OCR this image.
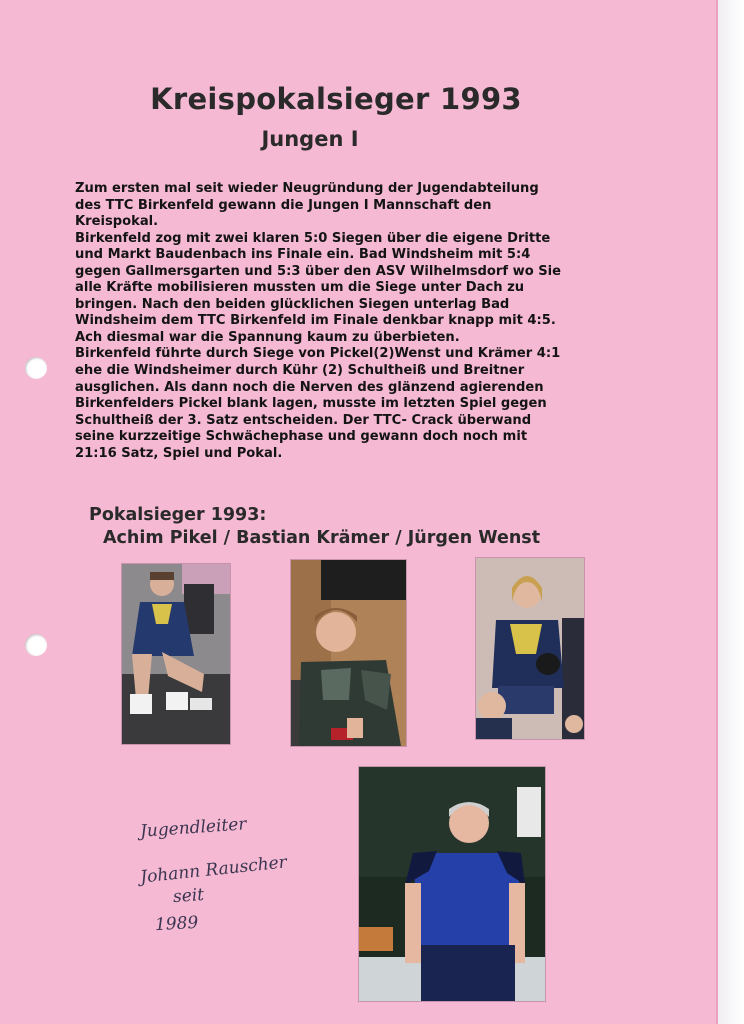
Kreispokalsieger 1993
Jungen I

Zum ersten mal seit wieder Neugründung der Jugendabteilung

des TTC Birkenfeld gewann die Jungen I Mannschaft den

Kreispokal.

Birkenfeld zog mit zwei klaren 5:0 Siegen über die eigene Dritte

und Markt Baudenbach ins Finale ein. Bad Windsheim mit 5:4

gegen Gallmersgarten und 5:3 über den ASV Wilhelmsdorf wo Sie

alle Kräfte mobilisieren mussten um die Siege unter Dach zu

bringen. Nach den beiden glücklichen Siegen unterlag Bad

Windsheim dem TTC Birkenfeld im Finale denkbar knapp mit 4:5.

Ach diesmal war die Spannung kaum zu überbieten.

Birkenfeld führte durch Siege von Pickel(2)Wenst und Krämer 4:1

ehe die Windsheimer durch Kühr (2) Schultheiß und Breitner

ausglichen. Als dann noch die Nerven des glänzend agierenden

Birkenfelders Pickel blank lagen, musste im letzten Spiel gegen

Schultheiß der 3. Satz entscheiden. Der TTC- Crack überwand

seine kurzzeitige Schwächephase und gewann doch noch mit

21:16 Satz, Spiel und Pokal.

Pokalsieger 1993:

Achim Pikel / Bastian Krämer / Jürgen Wenst

Jugendleiter
Johann Rauscher
seit
1989
